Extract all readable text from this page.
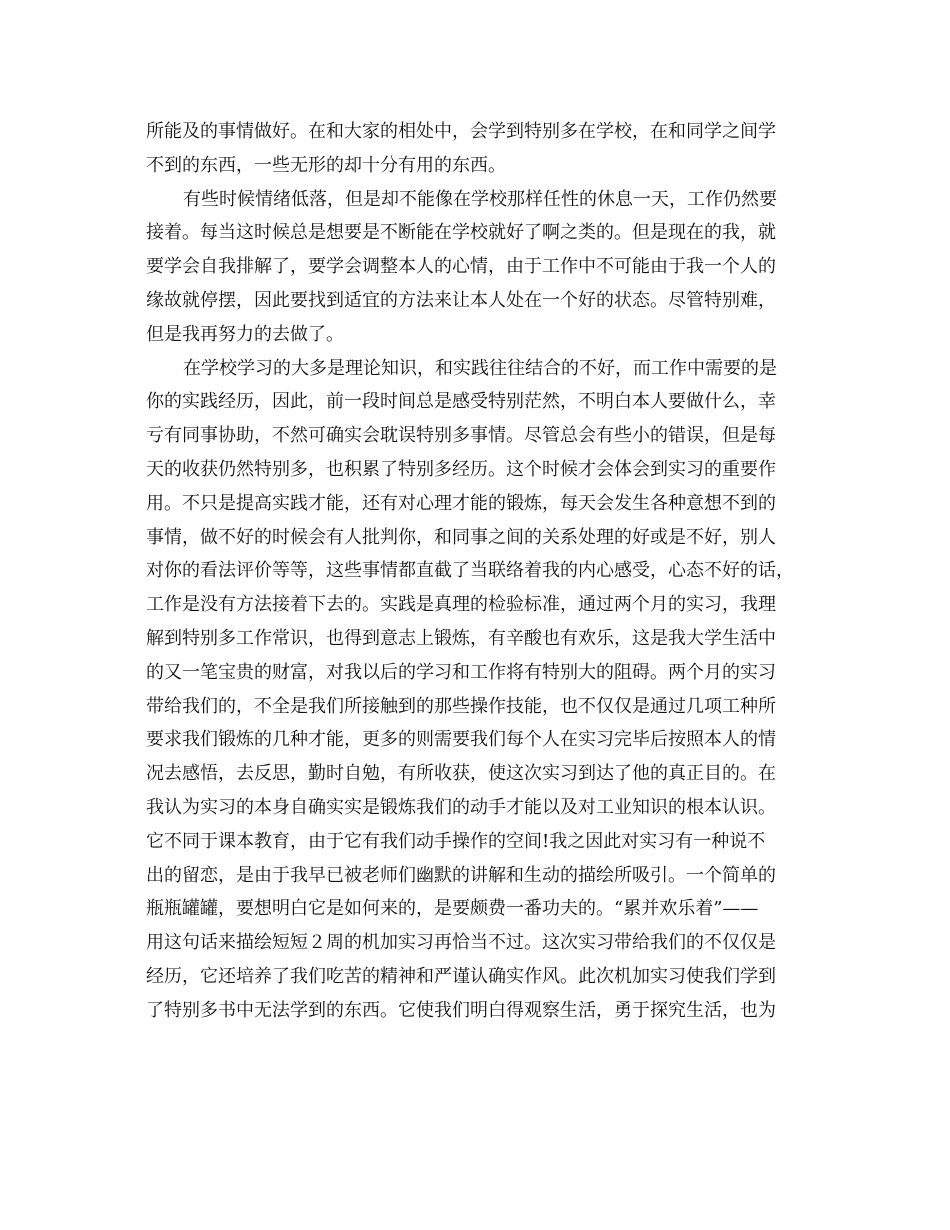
所能及的事情做好。在和大家的相处中，会学到特别多在学校，在和同学之间学
不到的东西，一些无形的却十分有用的东西。
有些时候情绪低落，但是却不能像在学校那样任性的休息一天，工作仍然要
接着。每当这时候总是想要是不断能在学校就好了啊之类的。但是现在的我，就
要学会自我排解了，要学会调整本人的心情，由于工作中不可能由于我一个人的
缘故就停摆，因此要找到适宜的方法来让本人处在一个好的状态。尽管特别难，
但是我再努力的去做了。
在学校学习的大多是理论知识，和实践往往结合的不好，而工作中需要的是
你的实践经历，因此，前一段时间总是感受特别茫然，不明白本人要做什么，幸
亏有同事协助，不然可确实会耽误特别多事情。尽管总会有些小的错误，但是每
天的收获仍然特别多，也积累了特别多经历。这个时候才会体会到实习的重要作
用。不只是提高实践才能，还有对心理才能的锻炼，每天会发生各种意想不到的
事情，做不好的时候会有人批判你，和同事之间的关系处理的好或是不好，别人
对你的看法评价等等，这些事情都直截了当联络着我的内心感受，心态不好的话，
工作是没有方法接着下去的。实践是真理的检验标准，通过两个月的实习，我理
解到特别多工作常识，也得到意志上锻炼，有辛酸也有欢乐，这是我大学生活中
的又一笔宝贵的财富，对我以后的学习和工作将有特别大的阻碍。两个月的实习
带给我们的，不全是我们所接触到的那些操作技能，也不仅仅是通过几项工种所
要求我们锻炼的几种才能，更多的则需要我们每个人在实习完毕后按照本人的情
况去感悟，去反思，勤时自勉，有所收获，使这次实习到达了他的真正目的。在
我认为实习的本身自确实实是锻炼我们的动手才能以及对工业知识的根本认识。
它不同于课本教育，由于它有我们动手操作的空间!我之因此对实习有一种说不
出的留恋，是由于我早已被老师们幽默的讲解和生动的描绘所吸引。一个简单的
瓶瓶罐罐，要想明白它是如何来的，是要颇费一番功夫的。“累并欢乐着”——
用这句话来描绘短短２周的机加实习再恰当不过。这次实习带给我们的不仅仅是
经历，它还培养了我们吃苦的精神和严谨认确实作风。此次机加实习使我们学到
了特别多书中无法学到的东西。它使我们明白得观察生活，勇于探究生活，也为
